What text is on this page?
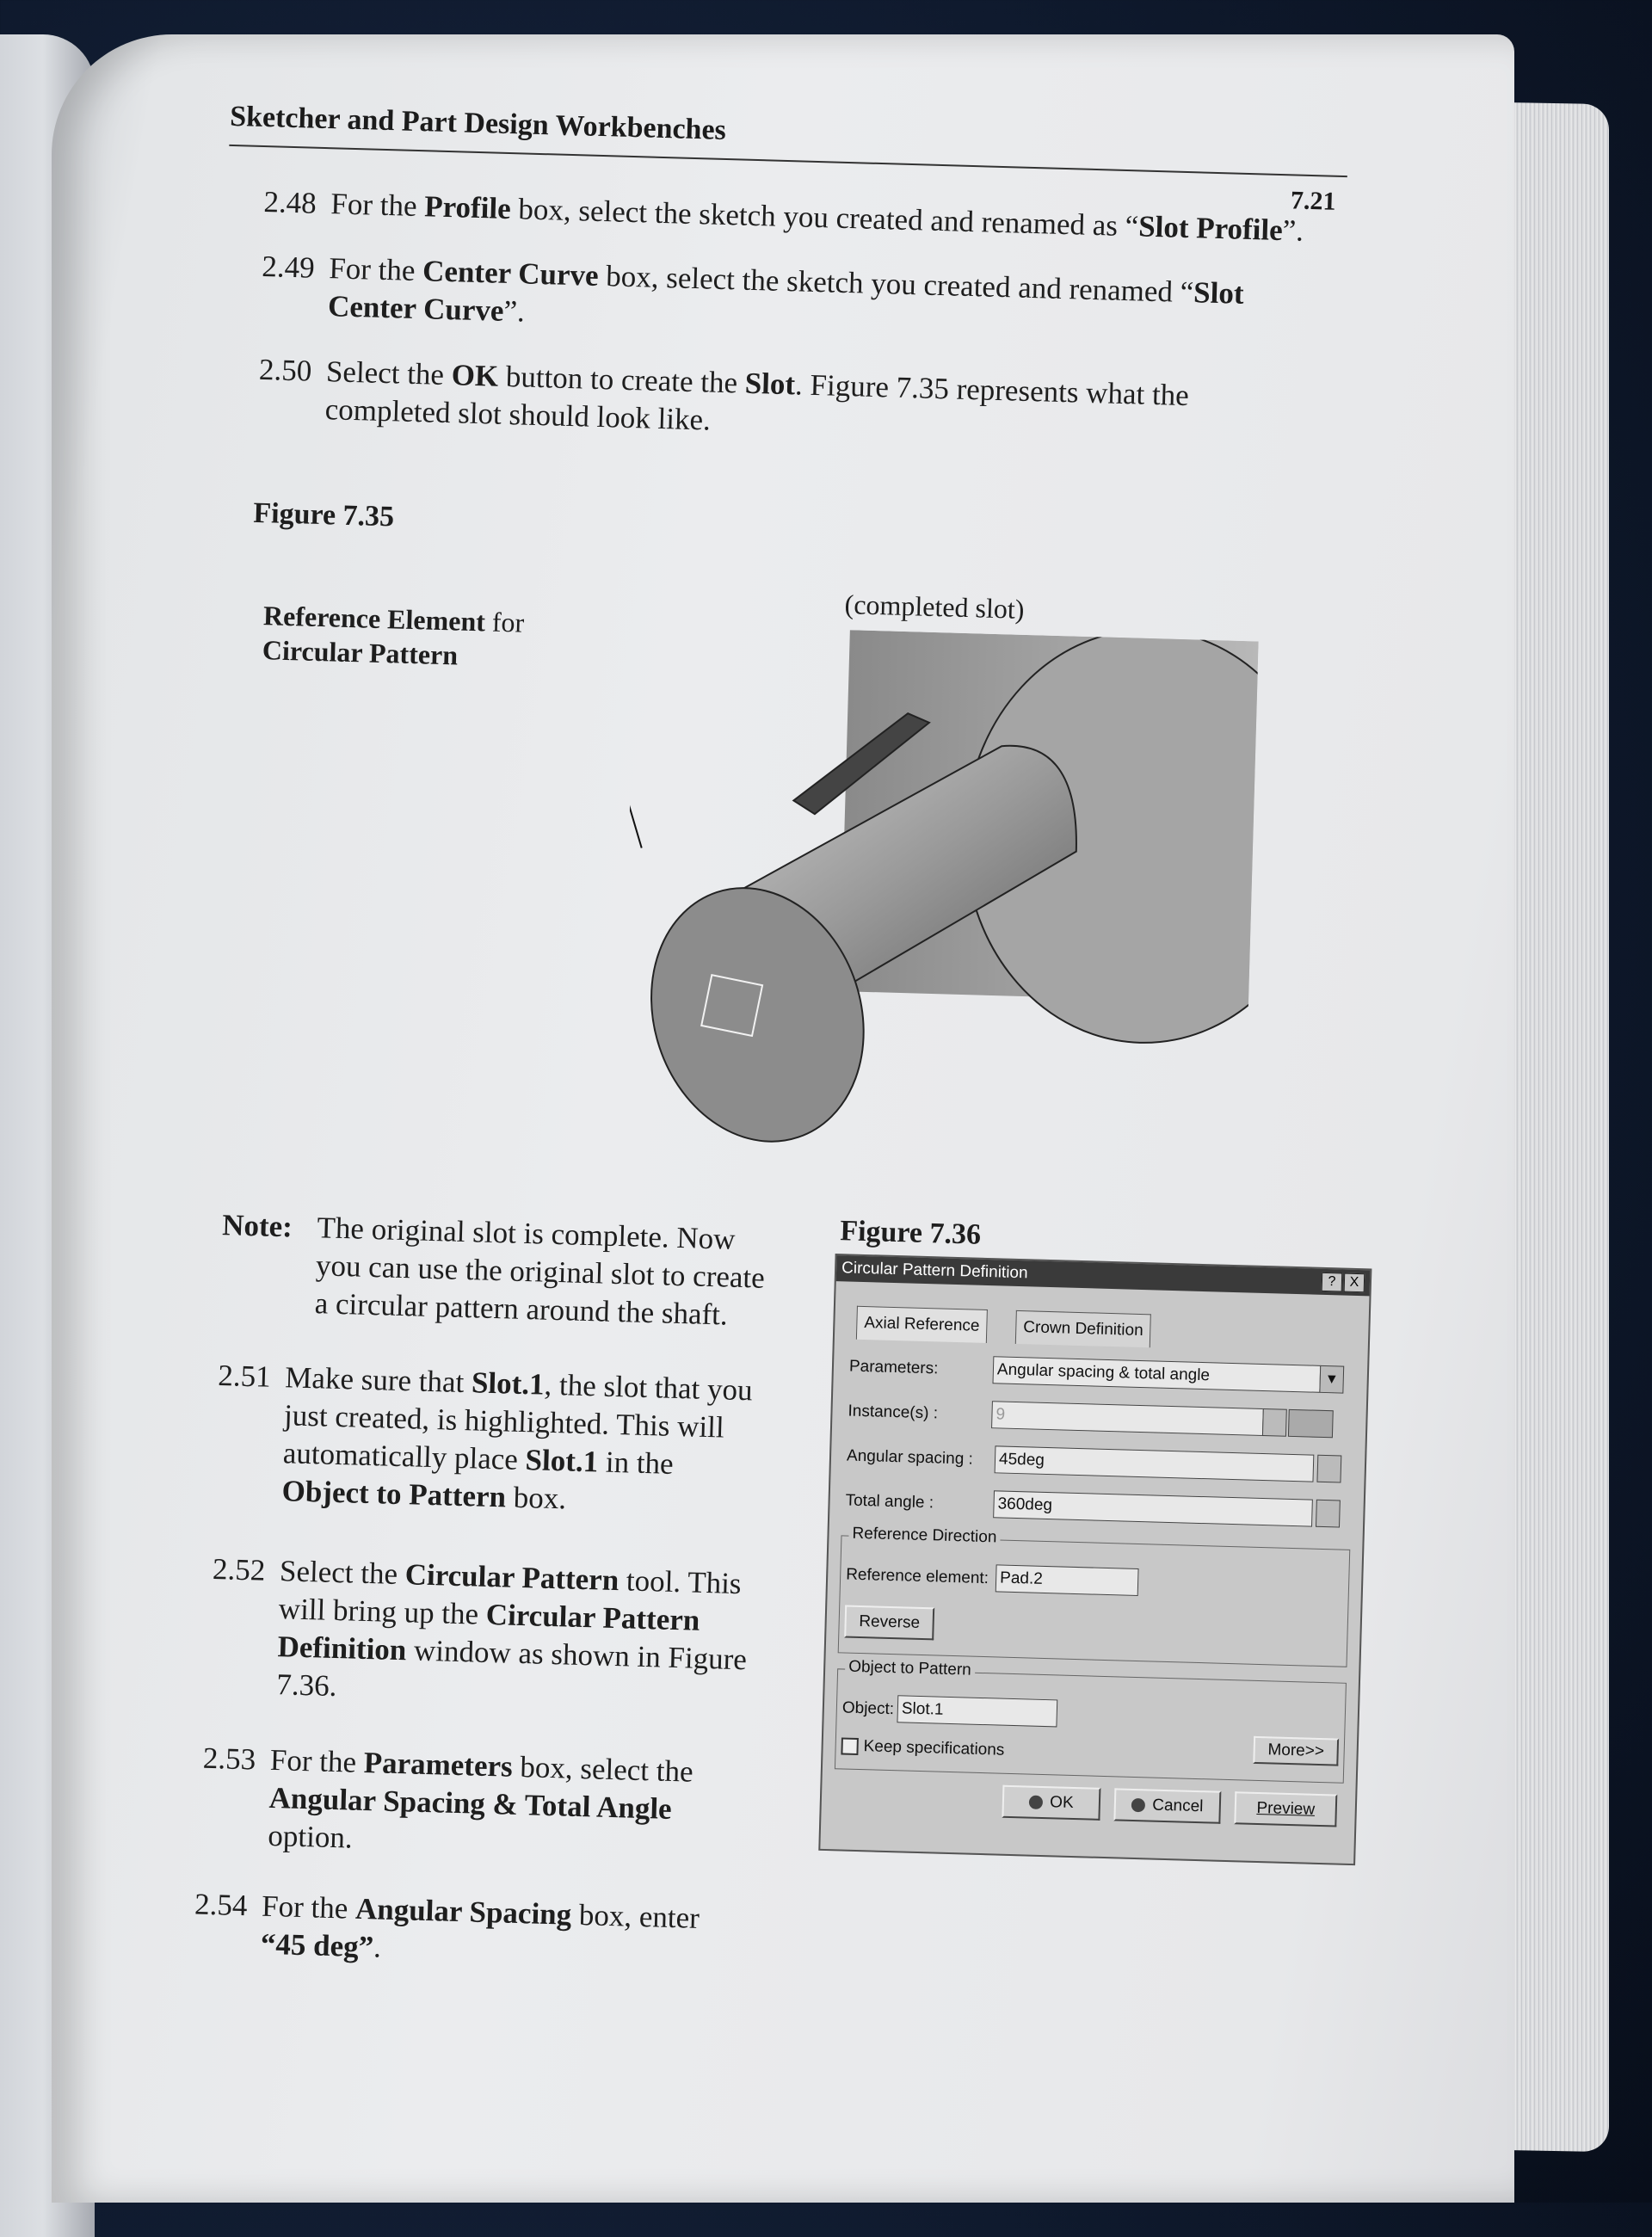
Sketcher and Part Design Workbenches
7.21
2.48 For the Profile box, select the sketch you created and renamed as “Slot Profile”.
2.49 For the Center Curve box, select the sketch you created and renamed “Slot
Center Curve”.
2.50 Select the OK button to create the Slot. Figure 7.35 represents what the
completed slot should look like.
Figure 7.35
Reference Element for
Circular Pattern
(completed slot)
Note: The original slot is complete. Now
you can use the original slot to create
a circular pattern around the shaft.
2.51 Make sure that Slot.1, the slot that you
just created, is highlighted. This will
automatically place Slot.1 in the
Object to Pattern box.
2.52 Select the Circular Pattern tool. This
will bring up the Circular Pattern
Definition window as shown in Figure
7.36.
2.53 For the Parameters box, select the
Angular Spacing & Total Angle
option.
2.54 For the Angular Spacing box, enter
“45 deg”.
Figure 7.36
Circular Pattern Definition	? X
Axial Reference	Crown Definition
Parameters:	Angular spacing & total angle	▾
Instance(s) :	9
Angular spacing : 45deg
Total angle :	360deg
Reference Direction
Reference element: Pad.2
Reverse
Object to Pattern
Object: Slot.1
Keep specifications	More>>
OK	Cancel	Preview
